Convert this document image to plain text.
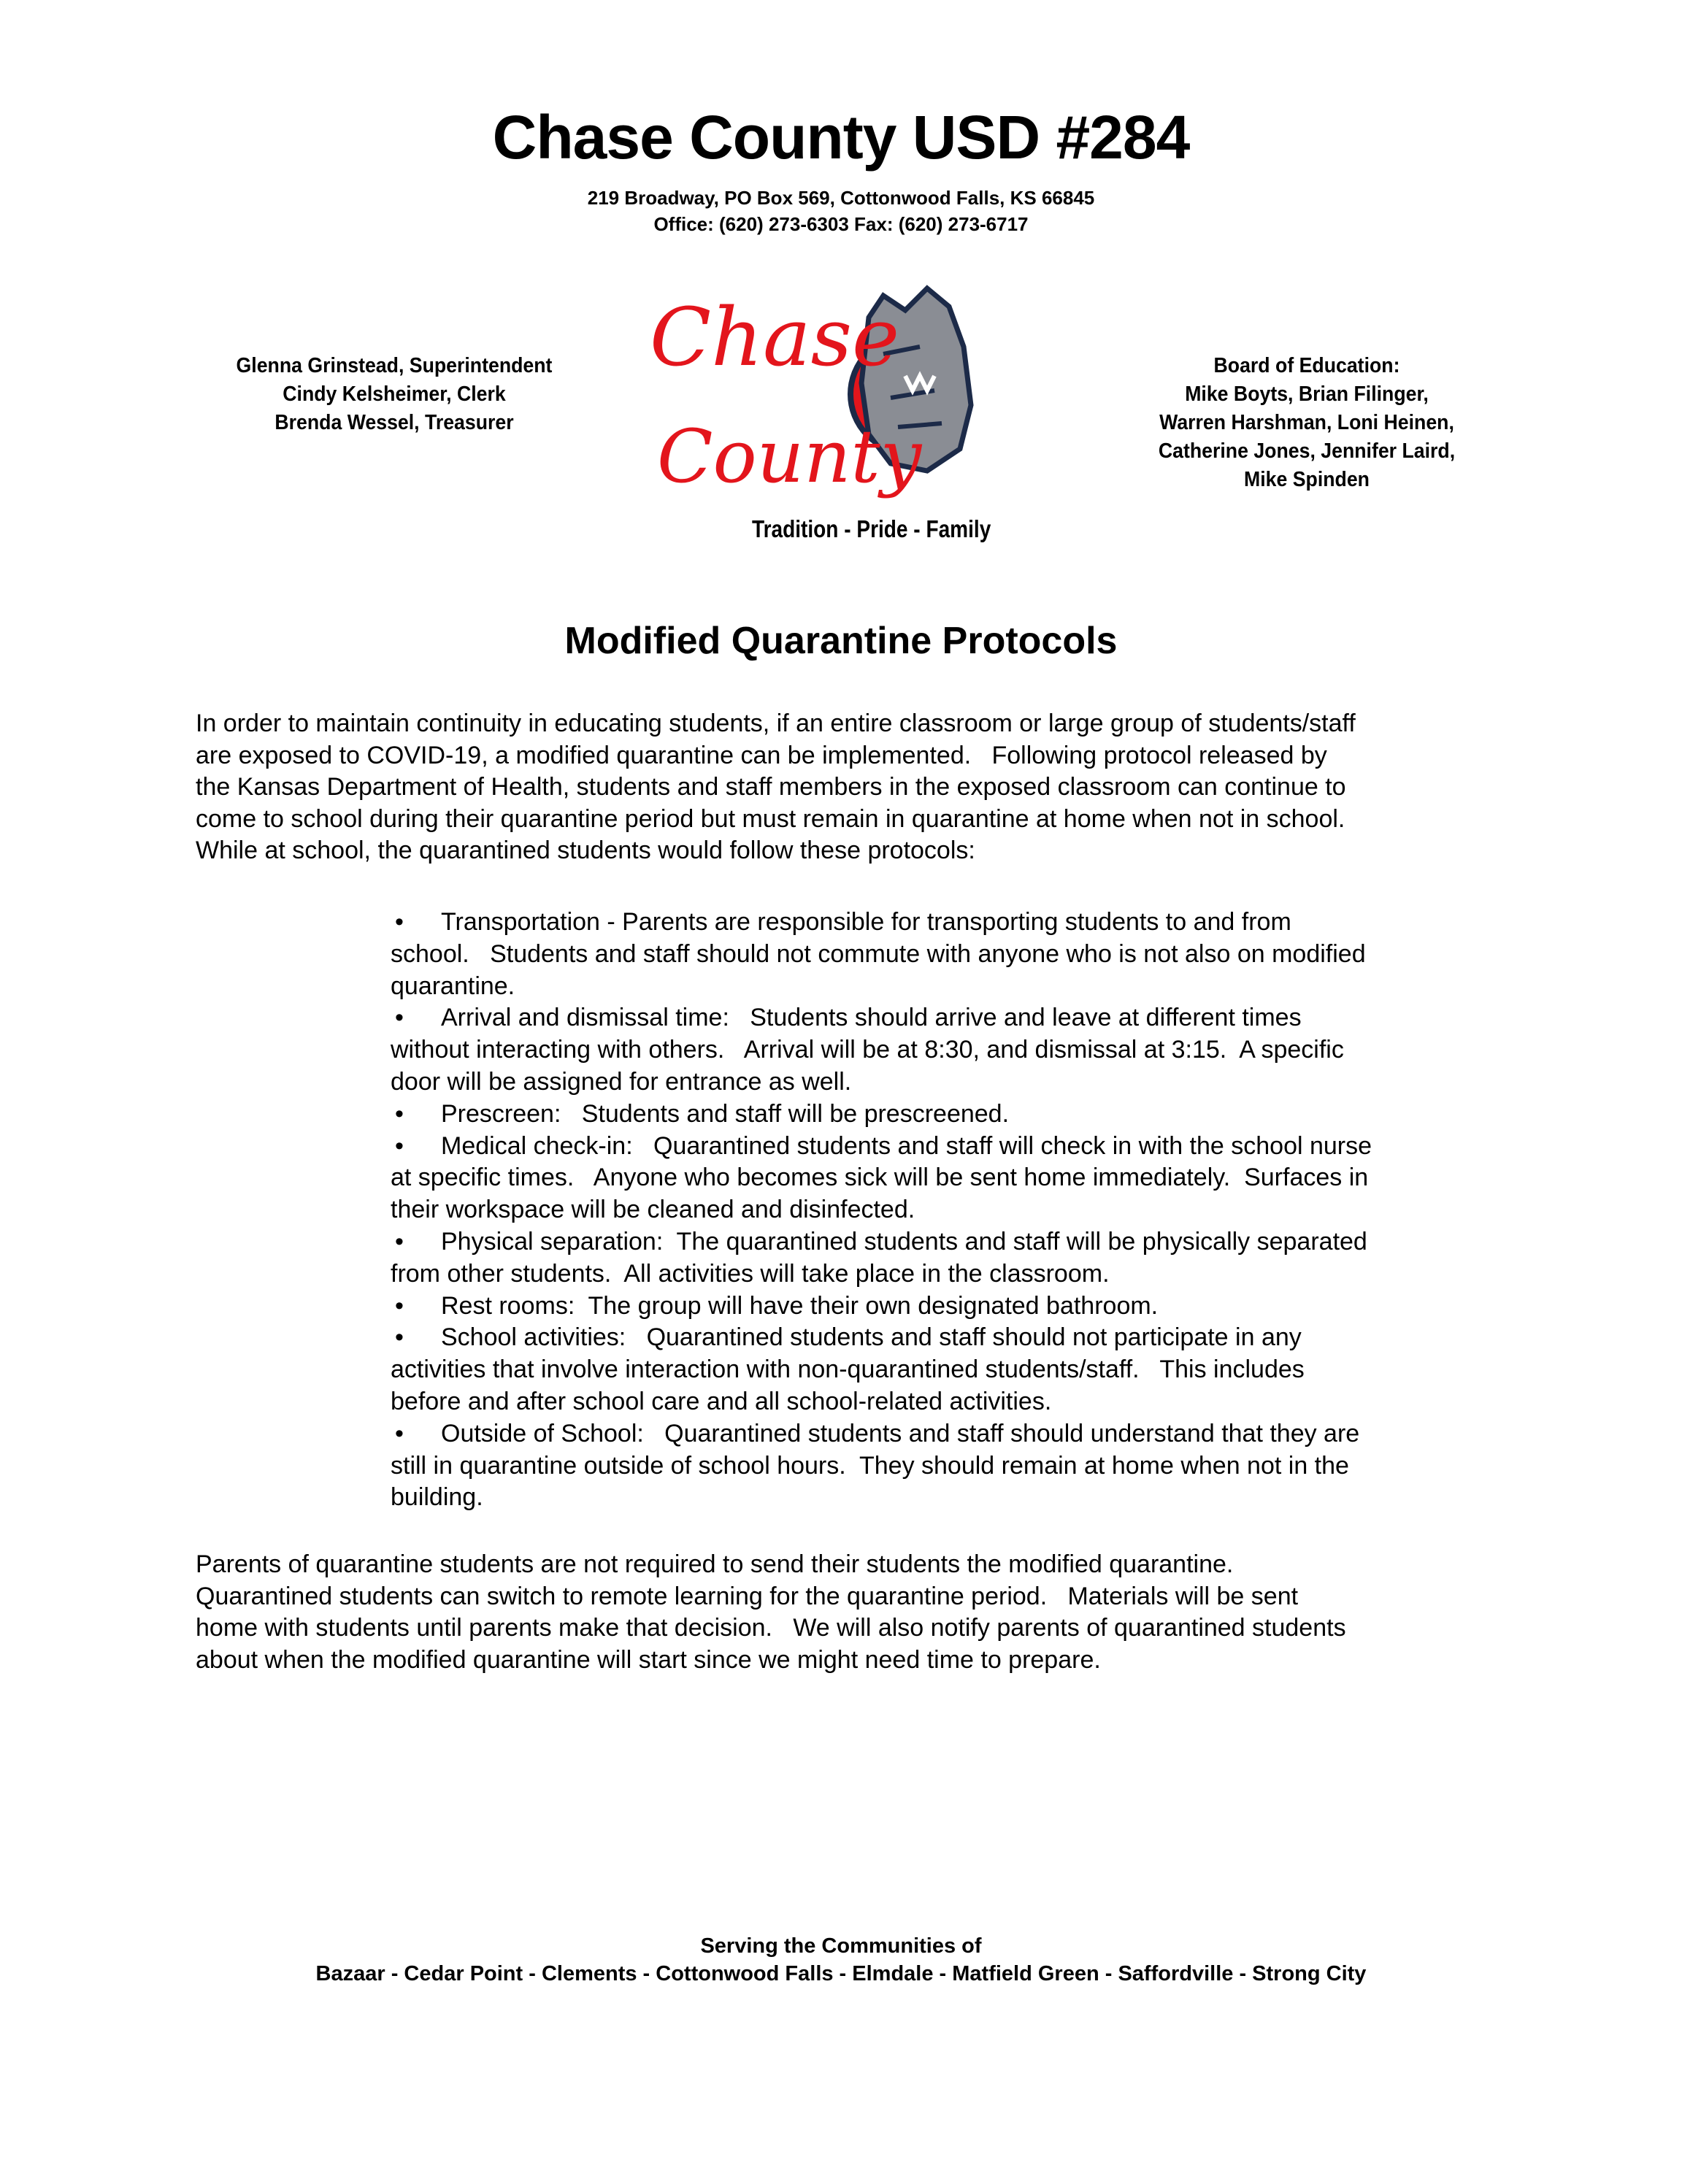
Chase County USD #284
219 Broadway, PO Box 569, Cottonwood Falls, KS 66845
Office: (620) 273-6303 Fax: (620) 273-6717
Glenna Grinstead, Superintendent
Cindy Kelsheimer, Clerk
Brenda Wessel, Treasurer
Chase
County
Tradition - Pride - Family
Board of Education:
Mike Boyts, Brian Filinger,
Warren Harshman, Loni Heinen,
Catherine Jones, Jennifer Laird,
Mike Spinden
Modified Quarantine Protocols
In order to maintain continuity in educating students, if an entire classroom or large group of students/staff
are exposed to COVID-19, a modified quarantine can be implemented.   Following protocol released by
the Kansas Department of Health, students and staff members in the exposed classroom can continue to
come to school during their quarantine period but must remain in quarantine at home when not in school.
While at school, the quarantined students would follow these protocols:
•	Transportation - Parents are responsible for transporting students to and from
school.   Students and staff should not commute with anyone who is not also on modified
quarantine.
•	Arrival and dismissal time:   Students should arrive and leave at different times
without interacting with others.   Arrival will be at 8:30, and dismissal at 3:15.  A specific
door will be assigned for entrance as well.
•	Prescreen:   Students and staff will be prescreened.
•	Medical check-in:   Quarantined students and staff will check in with the school nurse
at specific times.   Anyone who becomes sick will be sent home immediately.  Surfaces in
their workspace will be cleaned and disinfected.
•	Physical separation:  The quarantined students and staff will be physically separated
from other students.  All activities will take place in the classroom.
•	Rest rooms:  The group will have their own designated bathroom.
•	School activities:   Quarantined students and staff should not participate in any
activities that involve interaction with non-quarantined students/staff.   This includes
before and after school care and all school-related activities.
•	Outside of School:   Quarantined students and staff should understand that they are
still in quarantine outside of school hours.  They should remain at home when not in the
building.
Parents of quarantine students are not required to send their students the modified quarantine.
Quarantined students can switch to remote learning for the quarantine period.   Materials will be sent
home with students until parents make that decision.   We will also notify parents of quarantined students
about when the modified quarantine will start since we might need time to prepare.
Serving the Communities of
Bazaar - Cedar Point - Clements - Cottonwood Falls - Elmdale - Matfield Green - Saffordville - Strong City
